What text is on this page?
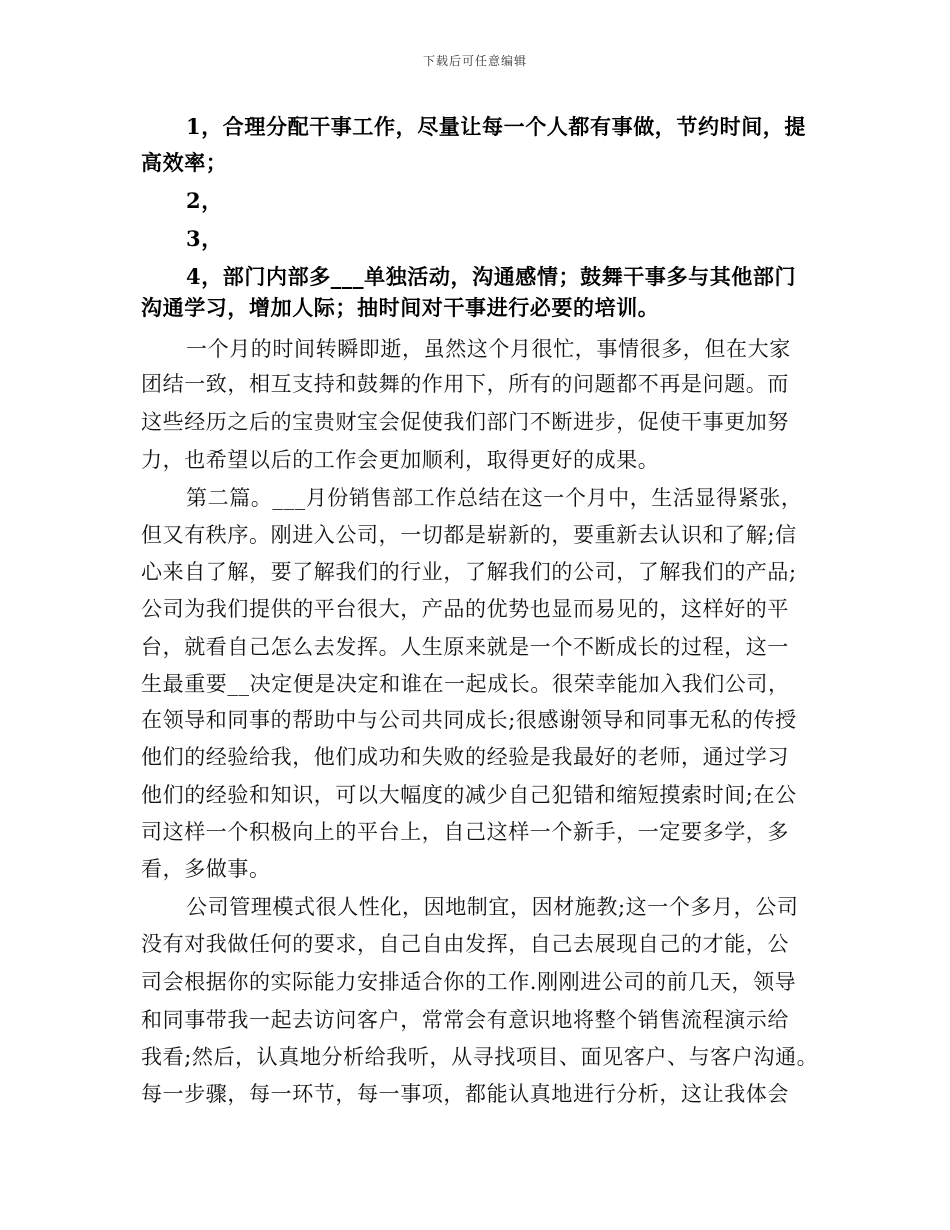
下载后可任意编辑
1，合理分配干事工作，尽量让每一个人都有事做，节约时间，提
高效率；
2，
3，
4，部门内部多___单独活动，沟通感情；鼓舞干事多与其他部门
沟通学习，增加人际；抽时间对干事进行必要的培训。
一个月的时间转瞬即逝，虽然这个月很忙，事情很多，但在大家
团结一致，相互支持和鼓舞的作用下，所有的问题都不再是问题。而
这些经历之后的宝贵财宝会促使我们部门不断进步，促使干事更加努
力，也希望以后的工作会更加顺利，取得更好的成果。
第二篇。___月份销售部工作总结在这一个月中，生活显得紧张，
但又有秩序。刚进入公司，一切都是崭新的，要重新去认识和了解;信
心来自了解，要了解我们的行业，了解我们的公司，了解我们的产品;
公司为我们提供的平台很大，产品的优势也显而易见的，这样好的平
台，就看自己怎么去发挥。人生原来就是一个不断成长的过程，这一
生最重要__决定便是决定和谁在一起成长。很荣幸能加入我们公司，
在领导和同事的帮助中与公司共同成长;很感谢领导和同事无私的传授
他们的经验给我，他们成功和失败的经验是我最好的老师，通过学习
他们的经验和知识，可以大幅度的减少自己犯错和缩短摸索时间;在公
司这样一个积极向上的平台上，自己这样一个新手，一定要多学，多
看，多做事。
公司管理模式很人性化，因地制宜，因材施教;这一个多月，公司
没有对我做任何的要求，自己自由发挥，自己去展现自己的才能，公
司会根据你的实际能力安排适合你的工作.刚刚进公司的前几天，领导
和同事带我一起去访问客户，常常会有意识地将整个销售流程演示给
我看;然后，认真地分析给我听，从寻找项目、面见客户、与客户沟通。
每一步骤，每一环节，每一事项，都能认真地进行分析，这让我体会
